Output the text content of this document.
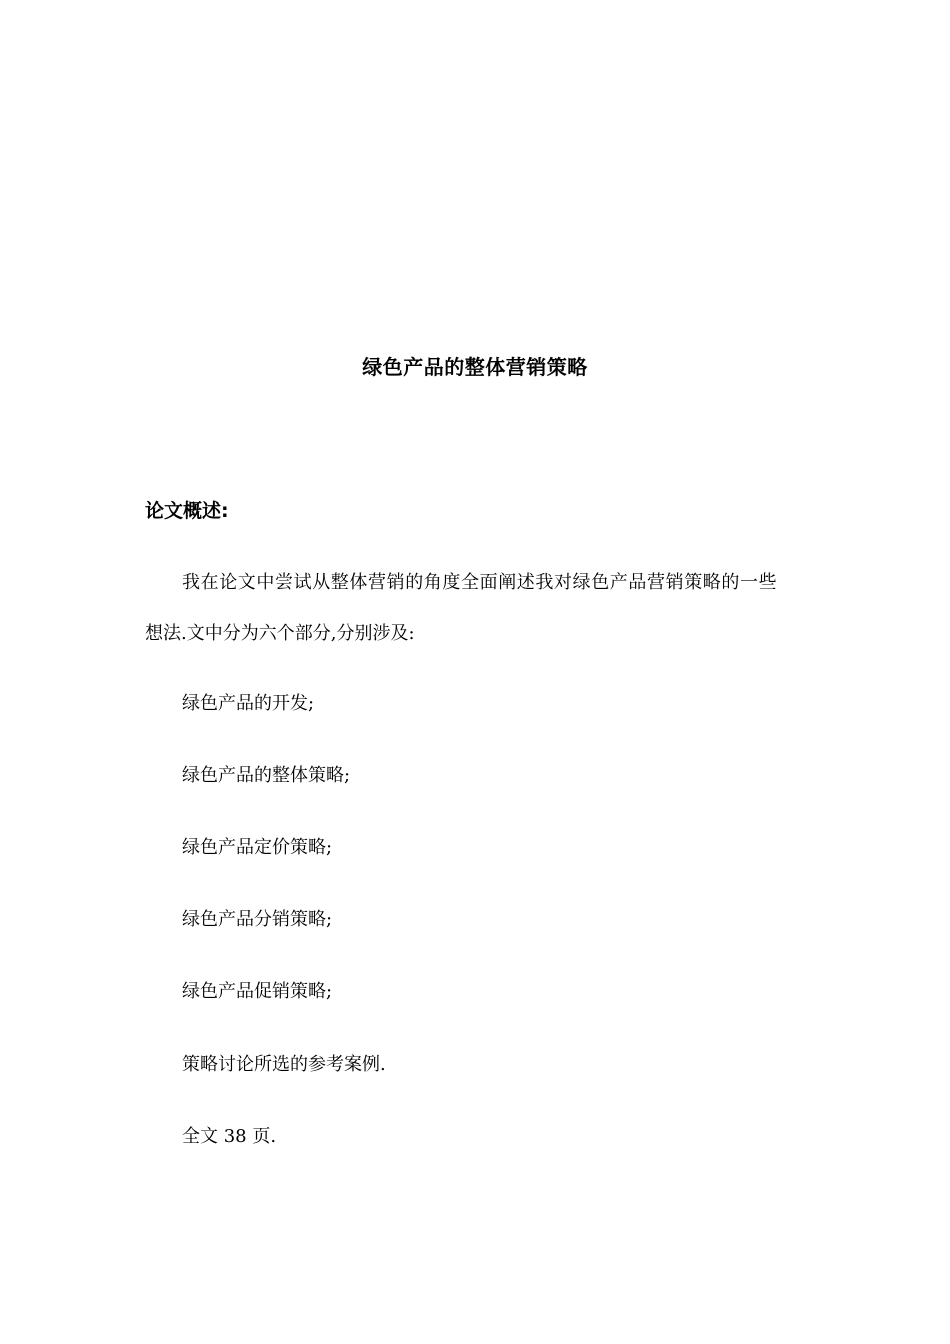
绿色产品的整体营销策略
论文概述:
我在论文中尝试从整体营销的角度全面阐述我对绿色产品营销策略的一些
想法.文中分为六个部分,分别涉及:
绿色产品的开发;
绿色产品的整体策略;
绿色产品定价策略;
绿色产品分销策略;
绿色产品促销策略;
策略讨论所选的参考案例.
全文 38 页.
